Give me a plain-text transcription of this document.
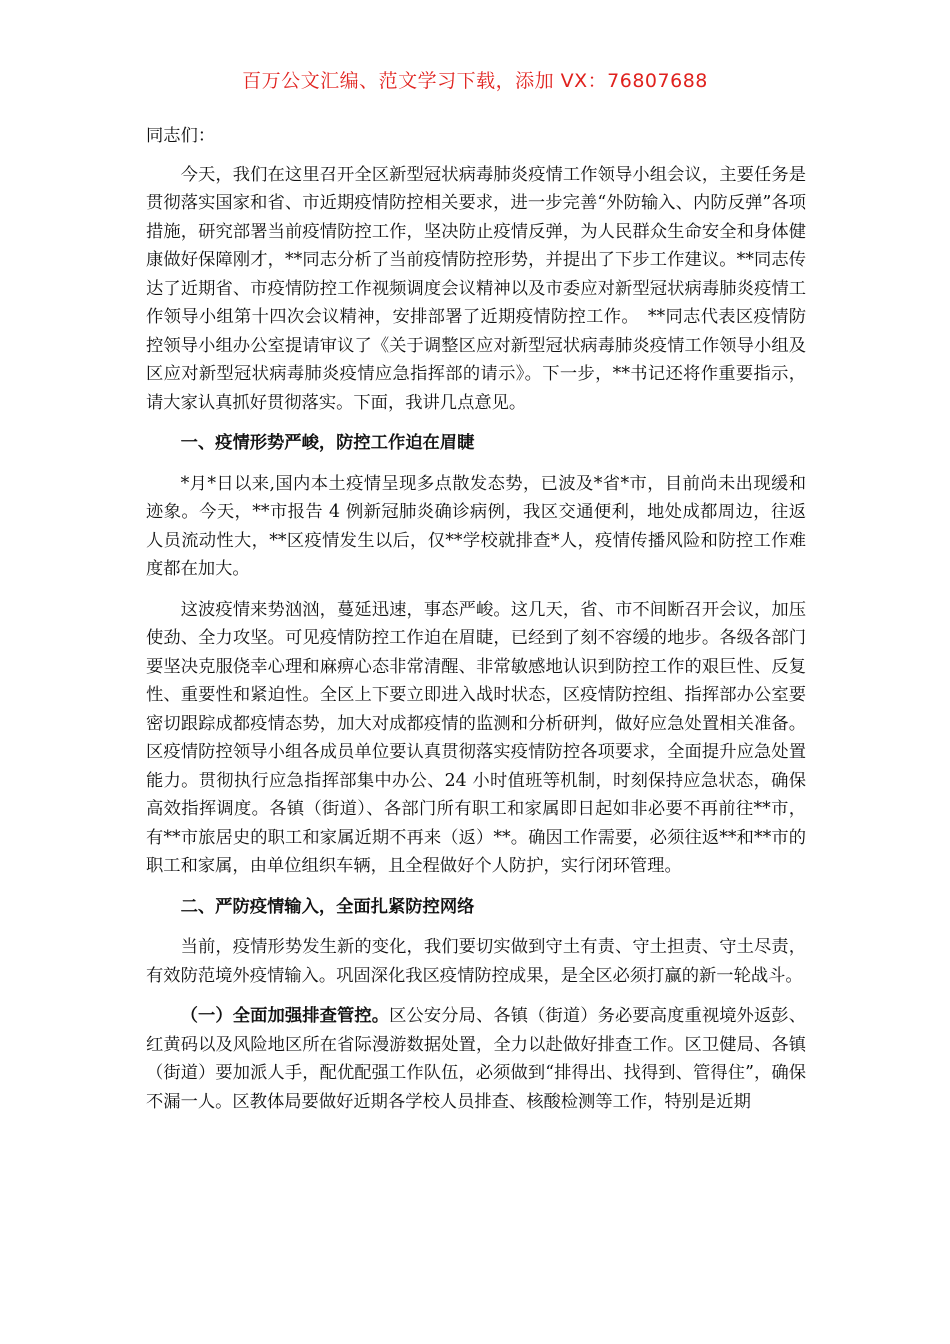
百万公文汇编、范文学习下载，添加 VX：76807688

同志们：

今天，我们在这里召开全区新型冠状病毒肺炎疫情工作领导小组会议，主要任务是贯彻落实国家和省、市近期疫情防控相关要求，进一步完善“外防输入、内防反弹”各项措施，研究部署当前疫情防控工作，坚决防止疫情反弹，为人民群众生命安全和身体健康做好保障刚才，**同志分析了当前疫情防控形势，并提出了下步工作建议。**同志传达了近期省、市疫情防控工作视频调度会议精神以及市委应对新型冠状病毒肺炎疫情工作领导小组第十四次会议精神，安排部署了近期疫情防控工作。　**同志代表区疫情防控领导小组办公室提请审议了《关于调整区应对新型冠状病毒肺炎疫情工作领导小组及区应对新型冠状病毒肺炎疫情应急指挥部的请示》。下一步，**书记还将作重要指示，请大家认真抓好贯彻落实。下面，我讲几点意见。

一、疫情形势严峻，防控工作迫在眉睫

*月*日以来,国内本土疫情呈现多点散发态势，已波及*省*市，目前尚未出现缓和迹象。今天，**市报告 4 例新冠肺炎确诊病例，我区交通便利，地处成都周边，往返人员流动性大，**区疫情发生以后，仅**学校就排查*人，疫情传播风险和防控工作难度都在加大。

这波疫情来势汹汹，蔓延迅速，事态严峻。这几天，省、市不间断召开会议，加压使劲、全力攻坚。可见疫情防控工作迫在眉睫，已经到了刻不容缓的地步。各级各部门要坚决克服侥幸心理和麻痹心态非常清醒、非常敏感地认识到防控工作的艰巨性、反复性、重要性和紧迫性。全区上下要立即进入战时状态，区疫情防控组、指挥部办公室要密切跟踪成都疫情态势，加大对成都疫情的监测和分析研判，做好应急处置相关准备。区疫情防控领导小组各成员单位要认真贯彻落实疫情防控各项要求，全面提升应急处置能力。贯彻执行应急指挥部集中办公、24 小时值班等机制，时刻保持应急状态，确保高效指挥调度。各镇（街道）、各部门所有职工和家属即日起如非必要不再前往**市，有**市旅居史的职工和家属近期不再来（返）**。确因工作需要，必须往返**和**市的职工和家属，由单位组织车辆，且全程做好个人防护，实行闭环管理。

二、严防疫情输入，全面扎紧防控网络

当前，疫情形势发生新的变化，我们要切实做到守土有责、守土担责、守土尽责，有效防范境外疫情输入。巩固深化我区疫情防控成果，是全区必须打赢的新一轮战斗。

（一）全面加强排查管控。区公安分局、各镇（街道）务必要高度重视境外返彭、红黄码以及风险地区所在省际漫游数据处置，全力以赴做好排查工作。区卫健局、各镇（街道）要加派人手，配优配强工作队伍，必须做到“排得出、找得到、管得住”，确保不漏一人。区教体局要做好近期各学校人员排查、核酸检测等工作，特别是近期
